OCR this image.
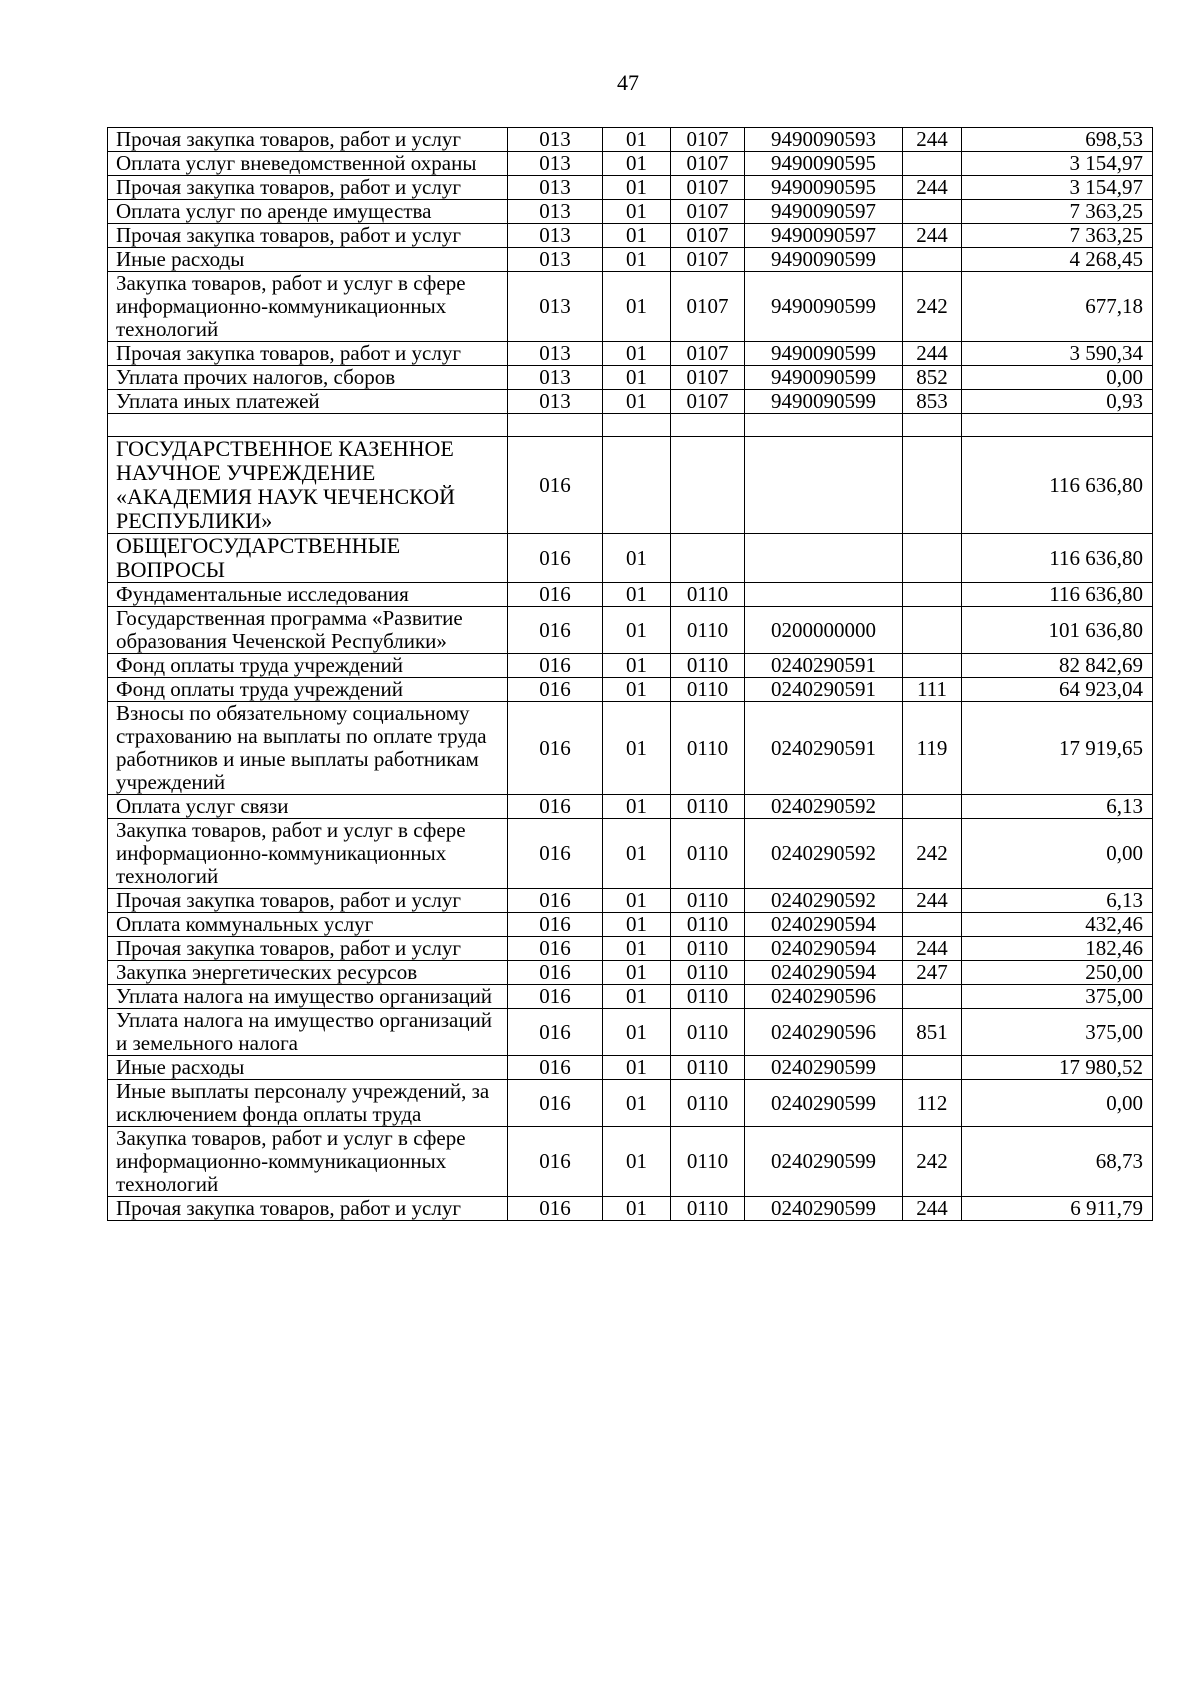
47
Прочая закупка товаров, работ и услуг	013	01	0107	9490090593	244	698,53
Оплата услуг вневедомственной охраны	013	01	0107	9490090595		3 154,97
Прочая закупка товаров, работ и услуг	013	01	0107	9490090595	244	3 154,97
Оплата услуг по аренде имущества	013	01	0107	9490090597		7 363,25
Прочая закупка товаров, работ и услуг	013	01	0107	9490090597	244	7 363,25
Иные расходы	013	01	0107	9490090599		4 268,45
Закупка товаров, работ и услуг в сфере информационно-коммуникационных технологий	013	01	0107	9490090599	242	677,18
Прочая закупка товаров, работ и услуг	013	01	0107	9490090599	244	3 590,34
Уплата прочих налогов, сборов	013	01	0107	9490090599	852	0,00
Уплата иных платежей	013	01	0107	9490090599	853	0,93

ГОСУДАРСТВЕННОЕ КАЗЕННОЕ НАУЧНОЕ УЧРЕЖДЕНИЕ «АКАДЕМИЯ НАУК ЧЕЧЕНСКОЙ РЕСПУБЛИКИ»	016					116 636,80
ОБЩЕГОСУДАРСТВЕННЫЕ ВОПРОСЫ	016	01				116 636,80
Фундаментальные исследования	016	01	0110			116 636,80
Государственная программа «Развитие образования Чеченской Республики»	016	01	0110	0200000000		101 636,80
Фонд оплаты труда учреждений	016	01	0110	0240290591		82 842,69
Фонд оплаты труда учреждений	016	01	0110	0240290591	111	64 923,04
Взносы по обязательному социальному страхованию на выплаты по оплате труда работников и иные выплаты работникам учреждений	016	01	0110	0240290591	119	17 919,65
Оплата услуг связи	016	01	0110	0240290592		6,13
Закупка товаров, работ и услуг в сфере информационно-коммуникационных технологий	016	01	0110	0240290592	242	0,00
Прочая закупка товаров, работ и услуг	016	01	0110	0240290592	244	6,13
Оплата коммунальных услуг	016	01	0110	0240290594		432,46
Прочая закупка товаров, работ и услуг	016	01	0110	0240290594	244	182,46
Закупка энергетических ресурсов	016	01	0110	0240290594	247	250,00
Уплата налога на имущество организаций	016	01	0110	0240290596		375,00
Уплата налога на имущество организаций и земельного налога	016	01	0110	0240290596	851	375,00
Иные расходы	016	01	0110	0240290599		17 980,52
Иные выплаты персоналу учреждений, за исключением фонда оплаты труда	016	01	0110	0240290599	112	0,00
Закупка товаров, работ и услуг в сфере информационно-коммуникационных технологий	016	01	0110	0240290599	242	68,73
Прочая закупка товаров, работ и услуг	016	01	0110	0240290599	244	6 911,79
